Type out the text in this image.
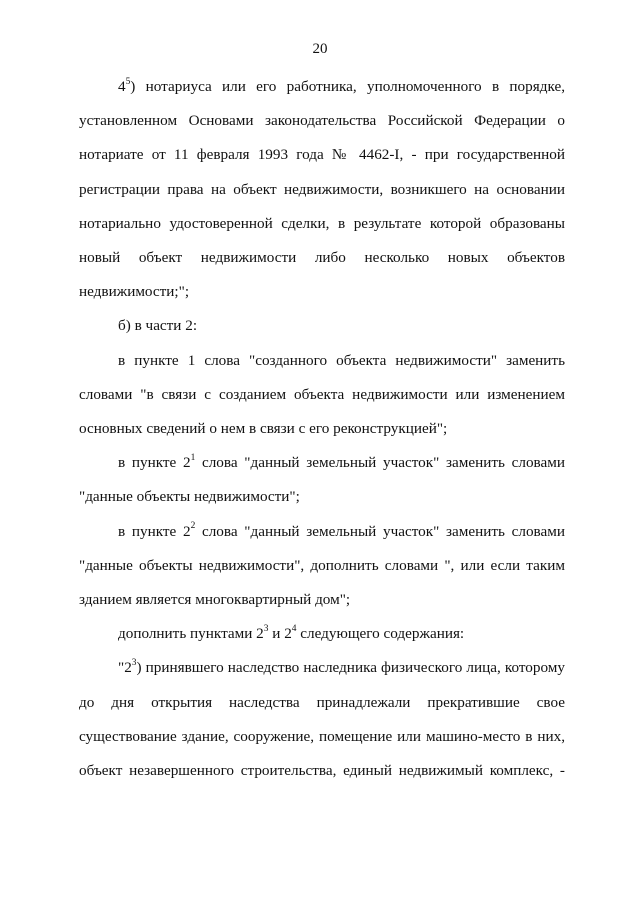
20

$4^5$) нотариуса или его работника, уполномоченного в порядке, установленном Основами законодательства Российской Федерации о нотариате от 11 февраля 1993 года № 4462-I, - при государственной регистрации права на объект недвижимости, возникшего на основании нотариально удостоверенной сделки, в результате которой образованы новый объект недвижимости либо несколько новых объектов недвижимости;";

б) в части 2:

в пункте 1 слова "созданного объекта недвижимости" заменить словами "в связи с созданием объекта недвижимости или изменением основных сведений о нем в связи с его реконструкцией";

в пункте $2^1$ слова "данный земельный участок" заменить словами "данные объекты недвижимости";

в пункте $2^2$ слова "данный земельный участок" заменить словами "данные объекты недвижимости", дополнить словами ", или если таким зданием является многоквартирный дом";

дополнить пунктами $2^3$ и $2^4$ следующего содержания:

"$2^3$) принявшего наследство наследника физического лица, которому до дня открытия наследства принадлежали прекратившие свое существование здание, сооружение, помещение или машино-место в них, объект незавершенного строительства, единый недвижимый комплекс, -
